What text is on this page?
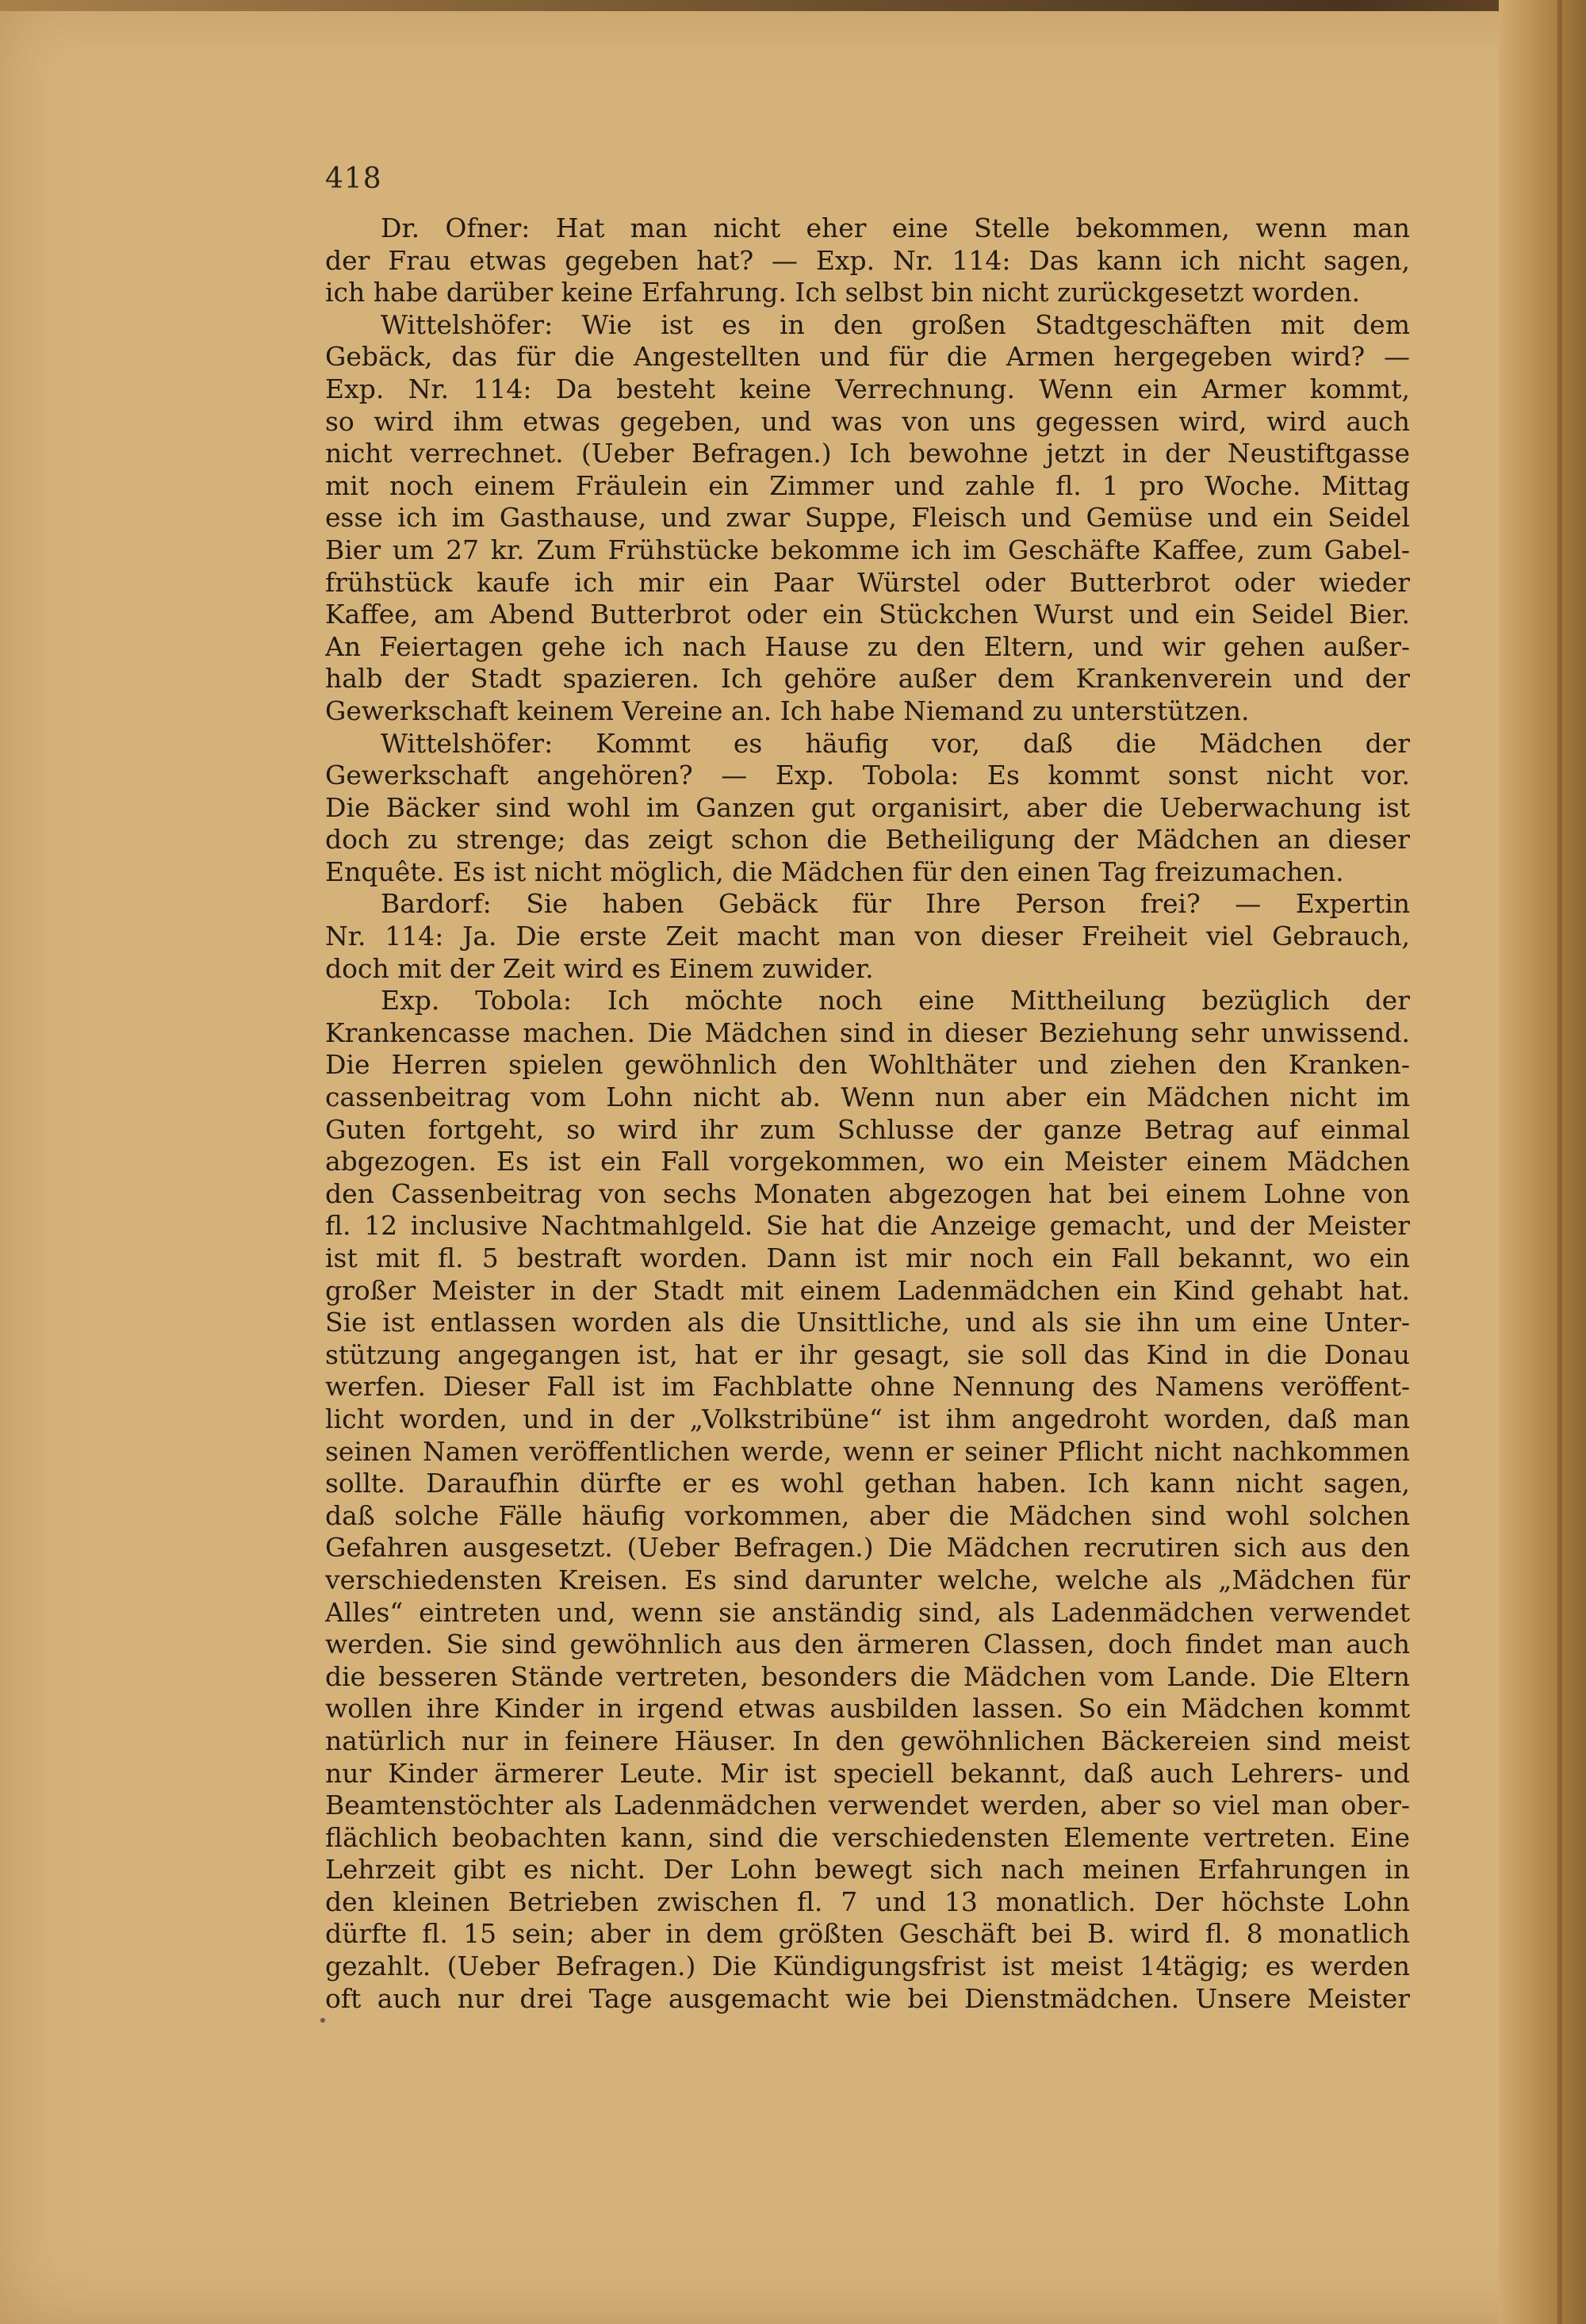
418
Dr. Ofner: Hat man nicht eher eine Stelle bekommen, wenn man
der Frau etwas gegeben hat? — Exp. Nr. 114: Das kann ich nicht sagen,
ich habe darüber keine Erfahrung. Ich selbst bin nicht zurückgesetzt worden.
Wittelshöfer: Wie ist es in den großen Stadtgeschäften mit dem
Gebäck, das für die Angestellten und für die Armen hergegeben wird? —
Exp. Nr. 114: Da besteht keine Verrechnung. Wenn ein Armer kommt,
so wird ihm etwas gegeben, und was von uns gegessen wird, wird auch
nicht verrechnet. (Ueber Befragen.) Ich bewohne jetzt in der Neustiftgasse
mit noch einem Fräulein ein Zimmer und zahle fl. 1 pro Woche. Mittag
esse ich im Gasthause, und zwar Suppe, Fleisch und Gemüse und ein Seidel
Bier um 27 kr. Zum Frühstücke bekomme ich im Geschäfte Kaffee, zum Gabel-
frühstück kaufe ich mir ein Paar Würstel oder Butterbrot oder wieder
Kaffee, am Abend Butterbrot oder ein Stückchen Wurst und ein Seidel Bier.
An Feiertagen gehe ich nach Hause zu den Eltern, und wir gehen außer-
halb der Stadt spazieren. Ich gehöre außer dem Krankenverein und der
Gewerkschaft keinem Vereine an. Ich habe Niemand zu unterstützen.
Wittelshöfer: Kommt es häufig vor, daß die Mädchen der
Gewerkschaft angehören? — Exp. Tobola: Es kommt sonst nicht vor.
Die Bäcker sind wohl im Ganzen gut organisirt, aber die Ueberwachung ist
doch zu strenge; das zeigt schon die Betheiligung der Mädchen an dieser
Enquête. Es ist nicht möglich, die Mädchen für den einen Tag freizumachen.
Bardorf: Sie haben Gebäck für Ihre Person frei? — Expertin
Nr. 114: Ja. Die erste Zeit macht man von dieser Freiheit viel Gebrauch,
doch mit der Zeit wird es Einem zuwider.
Exp. Tobola: Ich möchte noch eine Mittheilung bezüglich der
Krankencasse machen. Die Mädchen sind in dieser Beziehung sehr unwissend.
Die Herren spielen gewöhnlich den Wohlthäter und ziehen den Kranken-
cassenbeitrag vom Lohn nicht ab. Wenn nun aber ein Mädchen nicht im
Guten fortgeht, so wird ihr zum Schlusse der ganze Betrag auf einmal
abgezogen. Es ist ein Fall vorgekommen, wo ein Meister einem Mädchen
den Cassenbeitrag von sechs Monaten abgezogen hat bei einem Lohne von
fl. 12 inclusive Nachtmahlgeld. Sie hat die Anzeige gemacht, und der Meister
ist mit fl. 5 bestraft worden. Dann ist mir noch ein Fall bekannt, wo ein
großer Meister in der Stadt mit einem Ladenmädchen ein Kind gehabt hat.
Sie ist entlassen worden als die Unsittliche, und als sie ihn um eine Unter-
stützung angegangen ist, hat er ihr gesagt, sie soll das Kind in die Donau
werfen. Dieser Fall ist im Fachblatte ohne Nennung des Namens veröffent-
licht worden, und in der „Volkstribüne“ ist ihm angedroht worden, daß man
seinen Namen veröffentlichen werde, wenn er seiner Pflicht nicht nachkommen
sollte. Daraufhin dürfte er es wohl gethan haben. Ich kann nicht sagen,
daß solche Fälle häufig vorkommen, aber die Mädchen sind wohl solchen
Gefahren ausgesetzt. (Ueber Befragen.) Die Mädchen recrutiren sich aus den
verschiedensten Kreisen. Es sind darunter welche, welche als „Mädchen für
Alles“ eintreten und, wenn sie anständig sind, als Ladenmädchen verwendet
werden. Sie sind gewöhnlich aus den ärmeren Classen, doch findet man auch
die besseren Stände vertreten, besonders die Mädchen vom Lande. Die Eltern
wollen ihre Kinder in irgend etwas ausbilden lassen. So ein Mädchen kommt
natürlich nur in feinere Häuser. In den gewöhnlichen Bäckereien sind meist
nur Kinder ärmerer Leute. Mir ist speciell bekannt, daß auch Lehrers- und
Beamtenstöchter als Ladenmädchen verwendet werden, aber so viel man ober-
flächlich beobachten kann, sind die verschiedensten Elemente vertreten. Eine
Lehrzeit gibt es nicht. Der Lohn bewegt sich nach meinen Erfahrungen in
den kleinen Betrieben zwischen fl. 7 und 13 monatlich. Der höchste Lohn
dürfte fl. 15 sein; aber in dem größten Geschäft bei B. wird fl. 8 monatlich
gezahlt. (Ueber Befragen.) Die Kündigungsfrist ist meist 14tägig; es werden
oft auch nur drei Tage ausgemacht wie bei Dienstmädchen. Unsere Meister
